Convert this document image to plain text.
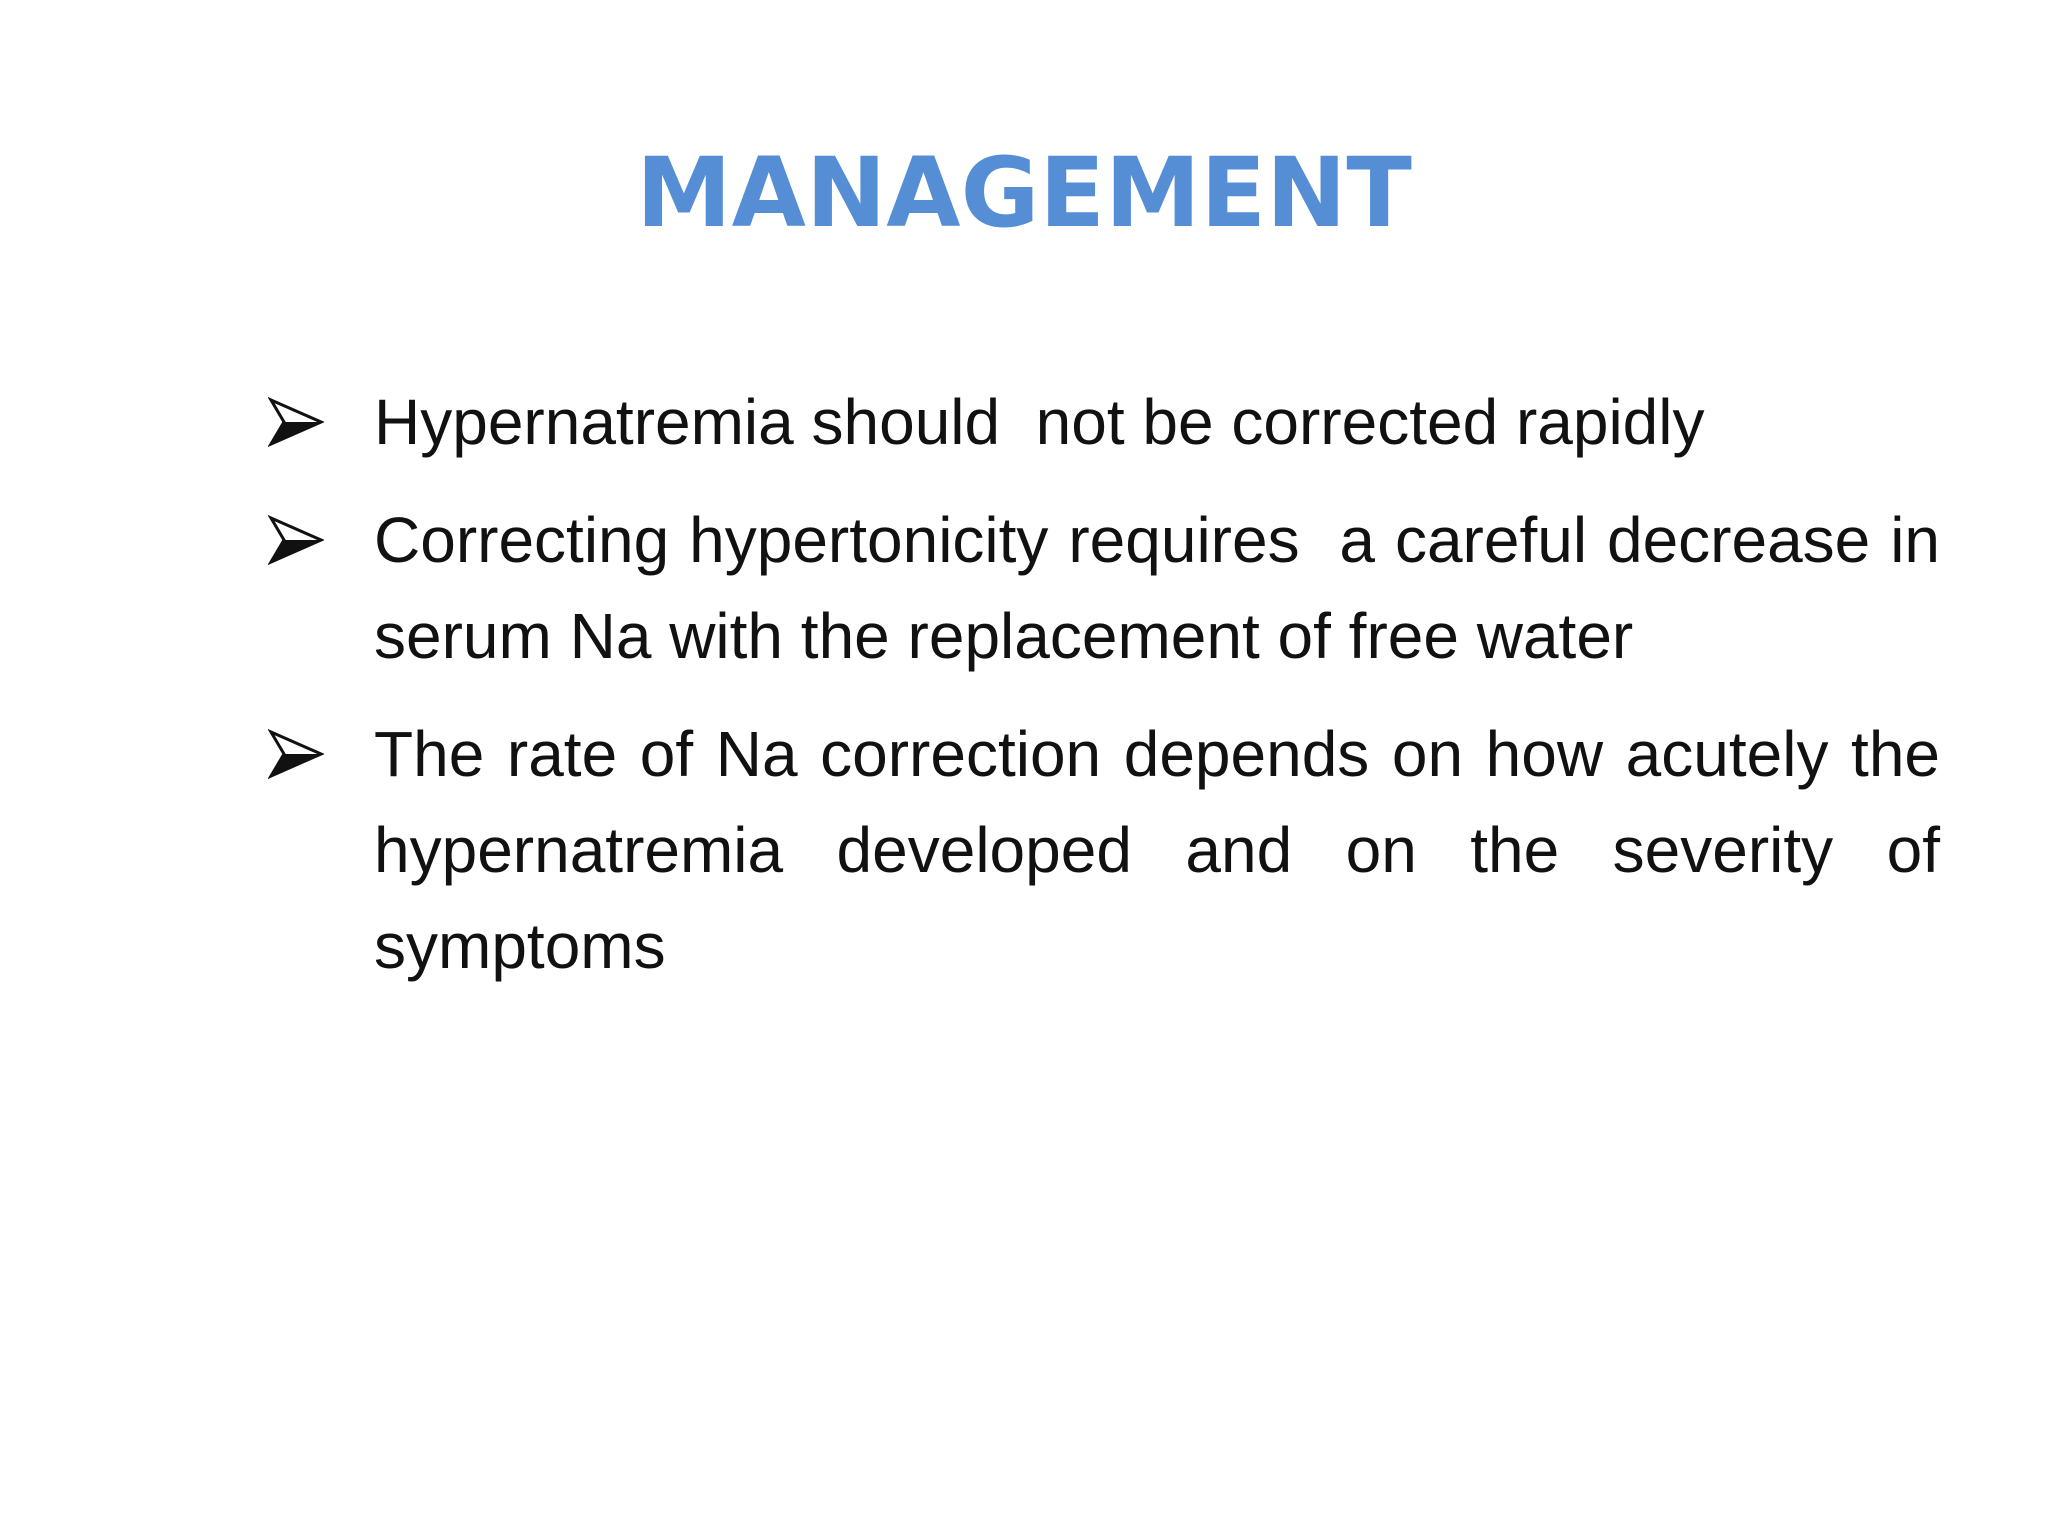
MANAGEMENT
Hypernatremia should  not be corrected rapidly
Correcting hypertonicity requires  a careful decrease in serum Na with the replacement of free water
The rate of Na correction depends on how acutely the hypernatremia developed and on the severity of symptoms
